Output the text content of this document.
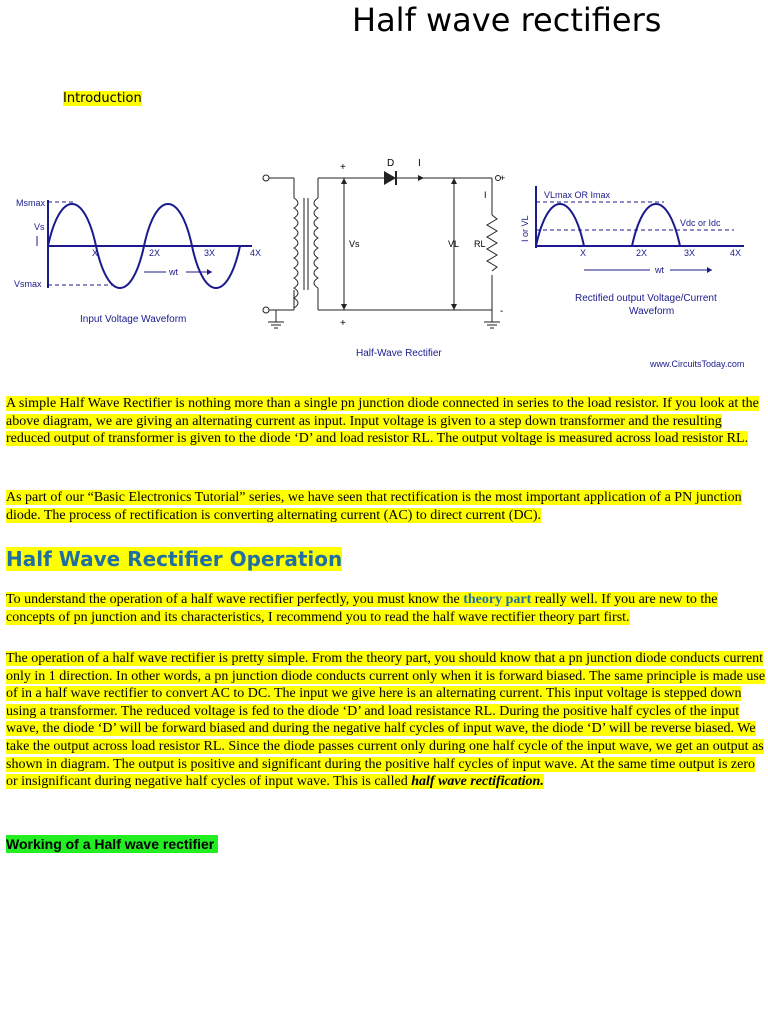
Half wave rectifiers
Introduction
Msmax
Vs
Vsmax
X	2X	3X	4X
wt
Input Voltage Waveform
+
+
Vs
D I
VL RL
I
+
-
Half-Wave Rectifier
VLmax OR Imax
Vdc or Idc
I or VL
X	2X	3X	4X
wt
Rectified output Voltage/Current
Waveform
www.CircuitsToday.com

A simple Half Wave Rectifier is nothing more than a single pn junction diode connected in series to the load resistor. If you look at the above diagram, we are giving an alternating current as input. Input voltage is given to a step down transformer and the resulting reduced output of transformer is given to the diode ‘D’ and load resistor RL. The output voltage is measured across load resistor RL.

As part of our “Basic Electronics Tutorial” series, we have seen that rectification is the most important application of a PN junction diode. The process of rectification is converting alternating current (AC) to direct current (DC).

Half Wave Rectifier Operation

To understand the operation of a half wave rectifier perfectly, you must know the theory part really well. If you are new to the concepts of pn junction and its characteristics, I recommend you to read the half wave rectifier theory part first.

The operation of a half wave rectifier is pretty simple. From the theory part, you should know that a pn junction diode conducts current only in 1 direction. In other words, a pn junction diode conducts current only when it is forward biased. The same principle is made use of in a half wave rectifier to convert AC to DC. The input we give here is an alternating current. This input voltage is stepped down using a transformer. The reduced voltage is fed to the diode ‘D’ and load resistance RL. During the positive half cycles of the input wave, the diode ‘D’ will be forward biased and during the negative half cycles of input wave, the diode ‘D’ will be reverse biased. We take the output across load resistor RL. Since the diode passes current only during one half cycle of the input wave, we get an output as shown in diagram. The output is positive and significant during the positive half cycles of input wave. At the same time output is zero or insignificant during negative half cycles of input wave. This is called half wave rectification.

Working of a Half wave rectifier
